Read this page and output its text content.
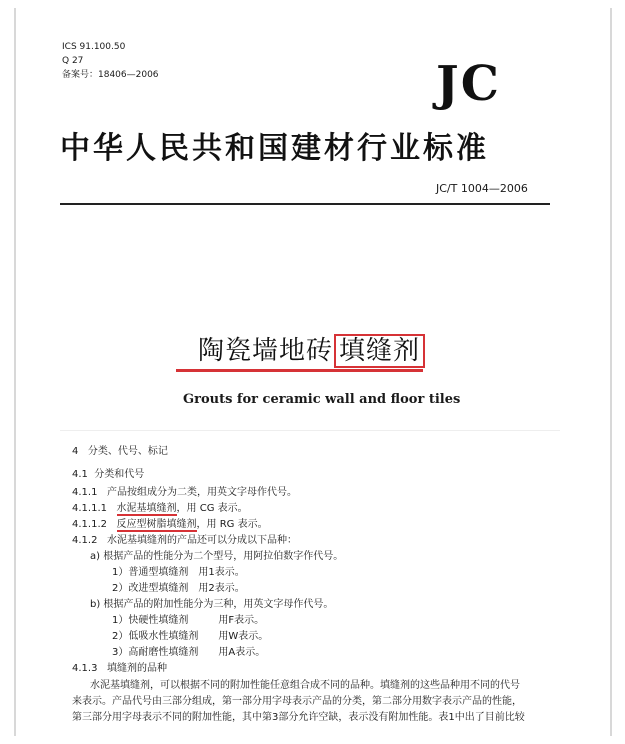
ICS 91.100.50
Q 27
备案号：18406—2006	JC
中华人民共和国建材行业标准
JC/T 1004—2006
陶瓷墙地砖 填缝剂
Grouts for ceramic wall and floor tiles
4 分类、代号、标记
4.1 分类和代号
4.1.1 产品按组成分为二类，用英文字母作代号。
4.1.1.1 水泥基填缝剂，用 CG 表示。
4.1.1.2 反应型树脂填缝剂，用 RG 表示。
4.1.2 水泥基填缝剂的产品还可以分成以下品种：
a) 根据产品的性能分为二个型号，用阿拉伯数字作代号。
1）普通型填缝剂　用1表示。
2）改进型填缝剂　用2表示。
b) 根据产品的附加性能分为三种，用英文字母作代号。
1）快硬性填缝剂　　　用F表示。
2）低吸水性填缝剂　　用W表示。
3）高耐磨性填缝剂　　用A表示。
4.1.3 填缝剂的品种
水泥基填缝剂，可以根据不同的附加性能任意组合成不同的品种。填缝剂的这些品种用不同的代号
来表示。产品代号由三部分组成，第一部分用字母表示产品的分类，第二部分用数字表示产品的性能，
第三部分用字母表示不同的附加性能，其中第3部分允许空缺，表示没有附加性能。表1中出了目前比较
